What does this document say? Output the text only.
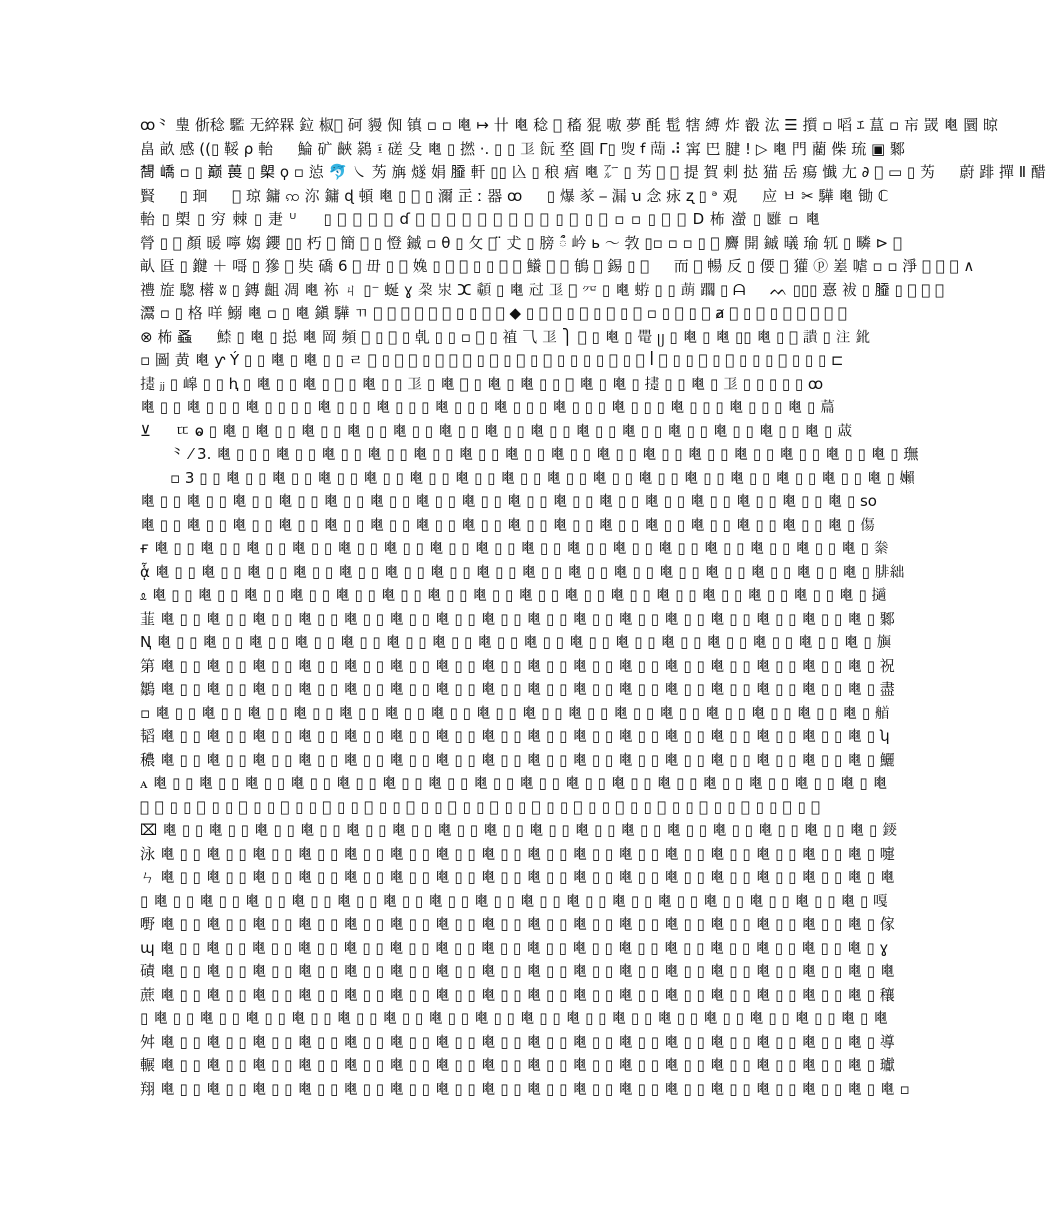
ꝏ⺀ 㻃 㑜稔 𩦹 无綷槑 鉝 椒𪤕 砢 䝢 倁 镇 ▫ ▫ 𤕣 ↦ 卄 𤕣 稔 𫒉 稸 猑 嗷 夢 酕 髢 犗 縛 炸 㲊 汯 ☰ 㩫 ▫ 㗖 ｴ 蒀 ▫ 㠵 罭 𤕣 圜 晾

畠 畝 感 ((▯ 鞖 ρ 軩 　 鯩 矿 䶝 鷋 ፤ 磋 殳 𤕣 ▯ 撚 ·. ▯ ▯ 𢒄 䬧 堥 圓 Γ▯ 𤉵 ꬵ 𦽅 ⠼ 𡩋 巴 腱 ! ▷ 𤕣 門 藺 偨 琉 ▣ 鄹

𫝛 嶠 ▫ ▯ 巅 葨 ▯ 㮾 ϙ ▫ 惉 🐬 ㇏ 𫇭 㫋 燧 娟 𦠿 軒 ▯▯ 兦 ▯ 稂 㾞 𤕣 ㌃ ▯ 𫇭 𨭒 𪤕 提 賀 剌 挞 猫 岳 瘍 懴 ⼪ ∂ 𢘐 ▭ ▯ 𫇭 　 蔚 䠊 撣 Ⅱ 醋

賢 　 ▯ 㻁 　 𪜎 琼 鏞 ꩡ 沵 鏞 ɖ 頓 𤕣 ▯ 𠂻 ▯ 濔 㱏 ː 器 ꝏ 　 ▯ 爆 㒸 ⎯ 漏 ꭒ 念 㽷 ʐ ▯ ᵊ 覌 　 应 ㅂ ✂ 驊 𤕣 锄 ℂ

軩 ▯ 㮾 ▯ 穷 棘 ▯ 疌 ᵁ 　 ▯ 𪤕 陞 歔 鄙 ɗ 𪠗 韴 𧝋 皍 綸 𢒄 𤔣 𪤕 疭 ▯ 𥬩 ▯ 秠 ▫ ▫ ▯ 𫷊 衛 Ⅾ 柨 㶈 ▯ 𩀀 ▫ 𤕣

膋 ▯ 𩛄 顏 暖 嚀 媰 𨰃 ▯▯ 朽 𤀀 簡 𪥳 ▯ 憕 鏚 ▫ θ ▯ 攵 𪤕 ̈ 𠀋 ▯ 膀 ᰰ 岒 ь 〜 㪍 ▯▫ ▫ ▫ ▯ 𢔯 麡 開 鏚 㬢 瑜 𫐄 ▯ 疄 ⊳ 𥝁

畒 㔯 ▯ 𨫡 ＋ 𠹭 ▯ 㺑 𪤕 奘 礄 6 𪠦 毌 ▯ 𧹲 婏 ▯ 𤎤 𪤕 ▯ ▯ 𡉔 𤕣 鱶 𢒄 ⟡ 䳑 𪤕 錫 ▯ 𦽈 　 而 𣁠 暢 反 ▯ 偠 𤕣 獾 ⓟ 嵳 㖸 ▫ ▫ 淨 𪞊 𪤕 𢷎 ∧

禮 㫌 騘 㯴 ʬ ▯ 鏄 齟 凋 𤕣 袮 ㄐ ▯⁻ 蜒 ɣ 𣏻 汖 ⵋ 𩔹 ▯ 𤕣 㝴 𢒄 𪤕 㓁 ▯ 𤕣 𧌕 ▯ ▯ 蓢 躢 ▯ ᗩ 　 ᨓ ▯▯▯ 憙 袚 ▯ 𦠿 ▯ 𪤕 𪚜 𡗳

灊 ▫ ▯ 格 咩 鰯 𤕣 ▫ ▯ 𤕣 鎭 驊 ㄲ 𪤕 𣠿 𥓓 充 𤕣 趆 ▯ ▯ 彝 𡉔 ◆ ▯ 𪤕 𠡒 ▯ 鮛 ▯ 𢒄 ▯ 𥕫 ▫ ▯ 𫄯 ▯ 𪤕 ⱥ 𩁱 ▯ 淀 ▯ 𨸏 𫷂 𪤕 𥬩 朠

⊗ 柨 𧎮 　 𩹟 ▯ 𤕣 ▯ 搃 𤕣 岡 頻 𪤕 ▯ 𪠦 ▯ 𠃵 ▯ ▯ ▫ 𪤕 ▯ 禃 ⺄ 𢒄 ⎫ 𫒇 ▯ 𤕣 ▯ 𥋁 ᥩ ▯ 𤕣 ▯ 𤕣 ▯▯ 𤕣 ▯ 𪤕 䜋 ▯ 注 鈋

▫ 圖 黄 𤕣 ƴ Ý ▯ ▯ 𤕣 ▯ 𤕣 ▯ ▯ ㄹ 𪤕 ▯ 𤕣 𤕣 ▯ 𪤕 𪤕 𤕣 ▯ 𤕣 ▯ 𤕣 ▯ 𤕣 ▯ ▯ ▯ ▯ 𪤕 ▯ 𫄯 ꟾ 𥕫 ▯ ▯ 𤕣 ▯ 𤕣 ▯ ▯ ▯ 𤕣 ▯ ▯ ▯ ⊏

𢶝 ⱼⱼ ▯ 㟸 ▯ ▯ ⱨ ▯ 𤕣 ▯ ▯ 𤕣 ▯ 𪤕 ▯ 𤕣 ▯ ▯ 𢒄 ▯ 𤕣 𪤕 ▯ 𤕣 ▯ 𤕣 ▯ ▯ 𪤕 𤕣 ▯ 𤕣 ▯ 𢶝 ▯ ▯ 𤕣 ▯ 𢒄 ▯ ▯ ▯ ▯ ▯ ꝏ

𤕣 ▯ ▯ 𤕣 ▯ ▯ ▯ 𤕣 ▯ ▯ ▯ ▯ 𤕣 ▯ ▯ ▯ 𤕣 ▯ ▯ ▯ 𤕣 ▯ ▯ ▯ 𤕣 ▯ ▯ ▯ 𤕣 ▯ ▯ ▯ 𤕣 ▯ ▯ ▯ 𤕣 ▯ ▯ ▯ 𤕣 ▯ ▯ ▯ 𤕣 ▯ 萹

⊻ 　 ㄸ ⱺ ▯ 𤕣 ▯ 𤕣 ▯ ▯ 𤕣 ▯ ▯ 𤕣 ▯ ▯ 𤕣 ▯ ▯ 𤕣 ▯ ▯ 𤕣 ▯ ▯ 𤕣 ▯ ▯ 𤕣 ▯ ▯ 𤕣 ▯ ▯ 𤕣 ▯ ▯ 𤕣 ▯ ▯ 𤕣 ▯ ▯ 𤕣 ▯ 蒧

⺀ ⁄ 3. 𤕣 ▯ ▯ ▯ 𤕣 ▯ ▯ 𤕣 ▯ ▯ 𤕣 ▯ ▯ 𤕣 ▯ ▯ 𤕣 ▯ ▯ 𤕣 ▯ ▯ 𤕣 ▯ ▯ 𤕣 ▯ ▯ 𤕣 ▯ ▯ 𤕣 ▯ ▯ 𤕣 ▯ ▯ 𤕣 ▯ ▯ 𤕣 ▯ ▯ 𤕣 ▯ 璑

▫ 3 ▯ ▯ 𤕣 ▯ ▯ 𤕣 ▯ ▯ 𤕣 ▯ ▯ 𤕣 ▯ ▯ 𤕣 ▯ ▯ 𤕣 ▯ ▯ 𤕣 ▯ ▯ 𤕣 ▯ ▯ 𤕣 ▯ ▯ 𤕣 ▯ ▯ 𤕣 ▯ ▯ 𤕣 ▯ ▯ 𤕣 ▯ ▯ 𤕣 ▯ ▯ 𤕣 ▯ 嬾

𤕣 ▯ ▯ 𤕣 ▯ ▯ 𤕣 ▯ ▯ 𤕣 ▯ ▯ 𤕣 ▯ ▯ 𤕣 ▯ ▯ 𤕣 ▯ ▯ 𤕣 ▯ ▯ 𤕣 ▯ ▯ 𤕣 ▯ ▯ 𤕣 ▯ ▯ 𤕣 ▯ ▯ 𤕣 ▯ ▯ 𤕣 ▯ ▯ 𤕣 ▯ ▯ 𤕣 ▯ ꜱo

𤕣 ▯ ▯ 𤕣 ▯ ▯ 𤕣 ▯ ▯ 𤕣 ▯ ▯ 𤕣 ▯ ▯ 𤕣 ▯ ▯ 𤕣 ▯ ▯ 𤕣 ▯ ▯ 𤕣 ▯ ▯ 𤕣 ▯ ▯ 𤕣 ▯ ▯ 𤕣 ▯ ▯ 𤕣 ▯ ▯ 𤕣 ▯ ▯ 𤕣 ▯ ▯ 𤕣 ▯ 傷

ғ 𤕣 ▯ ▯ 𤕣 ▯ ▯ 𤕣 ▯ ▯ 𤕣 ▯ ▯ 𤕣 ▯ ▯ 𤕣 ▯ ▯ 𤕣 ▯ ▯ 𤕣 ▯ ▯ 𤕣 ▯ ▯ 𤕣 ▯ ▯ 𤕣 ▯ ▯ 𤕣 ▯ ▯ 𤕣 ▯ ▯ 𤕣 ▯ ▯ 𤕣 ▯ ▯ 𤕣 ▯ 絭

ᾇ 𤕣 ▯ ▯ 𤕣 ▯ ▯ 𤕣 ▯ ▯ 𤕣 ▯ ▯ 𤕣 ▯ ▯ 𤕣 ▯ ▯ 𤕣 ▯ ▯ 𤕣 ▯ ▯ 𤕣 ▯ ▯ 𤕣 ▯ ▯ 𤕣 ▯ ▯ 𤕣 ▯ ▯ 𤕣 ▯ ▯ 𤕣 ▯ ▯ 𤕣 ▯ ▯ 𤕣 ▯ 腓絀

ᦸ 𤕣 ▯ ▯ 𤕣 ▯ ▯ 𤕣 ▯ ▯ 𤕣 ▯ ▯ 𤕣 ▯ ▯ 𤕣 ▯ ▯ 𤕣 ▯ ▯ 𤕣 ▯ ▯ 𤕣 ▯ ▯ 𤕣 ▯ ▯ 𤕣 ▯ ▯ 𤕣 ▯ ▯ 𤕣 ▯ ▯ 𤕣 ▯ ▯ 𤕣 ▯ ▯ 𤕣 ▯ 擿

韮 𤕣 ▯ ▯ 𤕣 ▯ ▯ 𤕣 ▯ ▯ 𤕣 ▯ ▯ 𤕣 ▯ ▯ 𤕣 ▯ ▯ 𤕣 ▯ ▯ 𤕣 ▯ ▯ 𤕣 ▯ ▯ 𤕣 ▯ ▯ 𤕣 ▯ ▯ 𤕣 ▯ ▯ 𤕣 ▯ ▯ 𤕣 ▯ ▯ 𤕣 ▯ ▯ 𤕣 ▯ 鄹

Ꞑ 𤕣 ▯ ▯ 𤕣 ▯ ▯ 𤕣 ▯ ▯ 𤕣 ▯ ▯ 𤕣 ▯ ▯ 𤕣 ▯ ▯ 𤕣 ▯ ▯ 𤕣 ▯ ▯ 𤕣 ▯ ▯ 𤕣 ▯ ▯ 𤕣 ▯ ▯ 𤕣 ▯ ▯ 𤕣 ▯ ▯ 𤕣 ▯ ▯ 𤕣 ▯ ▯ 𤕣 ▯ 旟

第 𤕣 ▯ ▯ 𤕣 ▯ ▯ 𤕣 ▯ ▯ 𤕣 ▯ ▯ 𤕣 ▯ ▯ 𤕣 ▯ ▯ 𤕣 ▯ ▯ 𤕣 ▯ ▯ 𤕣 ▯ ▯ 𤕣 ▯ ▯ 𤕣 ▯ ▯ 𤕣 ▯ ▯ 𤕣 ▯ ▯ 𤕣 ▯ ▯ 𤕣 ▯ ▯ 𤕣 ▯ 祝

鶵 𤕣 ▯ ▯ 𤕣 ▯ ▯ 𤕣 ▯ ▯ 𤕣 ▯ ▯ 𤕣 ▯ ▯ 𤕣 ▯ ▯ 𤕣 ▯ ▯ 𤕣 ▯ ▯ 𤕣 ▯ ▯ 𤕣 ▯ ▯ 𤕣 ▯ ▯ 𤕣 ▯ ▯ 𤕣 ▯ ▯ 𤕣 ▯ ▯ 𤕣 ▯ ▯ 𤕣 ▯ 盡

▫ 𤕣 ▯ ▯ 𤕣 ▯ ▯ 𤕣 ▯ ▯ 𤕣 ▯ ▯ 𤕣 ▯ ▯ 𤕣 ▯ ▯ 𤕣 ▯ ▯ 𤕣 ▯ ▯ 𤕣 ▯ ▯ 𤕣 ▯ ▯ 𤕣 ▯ ▯ 𤕣 ▯ ▯ 𤕣 ▯ ▯ 𤕣 ▯ ▯ 𤕣 ▯ ▯ 𤕣 ▯ 艏

韬 𤕣 ▯ ▯ 𤕣 ▯ ▯ 𤕣 ▯ ▯ 𤕣 ▯ ▯ 𤕣 ▯ ▯ 𤕣 ▯ ▯ 𤕣 ▯ ▯ 𤕣 ▯ ▯ 𤕣 ▯ ▯ 𤕣 ▯ ▯ 𤕣 ▯ ▯ 𤕣 ▯ ▯ 𤕣 ▯ ▯ 𤕣 ▯ ▯ 𤕣 ▯ ▯ 𤕣 ▯ ʮ

穠 𤕣 ▯ ▯ 𤕣 ▯ ▯ 𤕣 ▯ ▯ 𤕣 ▯ ▯ 𤕣 ▯ ▯ 𤕣 ▯ ▯ 𤕣 ▯ ▯ 𤕣 ▯ ▯ 𤕣 ▯ ▯ 𤕣 ▯ ▯ 𤕣 ▯ ▯ 𤕣 ▯ ▯ 𤕣 ▯ ▯ 𤕣 ▯ ▯ 𤕣 ▯ ▯ 𤕣 ▯ 鱺

ꭺ 𤕣 ▯ ▯ 𤕣 ▯ ▯ 𤕣 ▯ ▯ 𤕣 ▯ ▯ 𤕣 ▯ ▯ 𤕣 ▯ ▯ 𤕣 ▯ ▯ 𤕣 ▯ ▯ 𤕣 ▯ ▯ 𤕣 ▯ ▯ 𤕣 ▯ ▯ 𤕣 ▯ ▯ 𤕣 ▯ ▯ 𤕣 ▯ ▯ 𤕣 ▯ ▯ 𤕣 ▯ 𤕣

𥕫 𤕣 ▯ ▯ 𤕣 ▯ ▯ 𤕣 ▯ ▯ 𤕣 ▯ ▯ 𤕣 ▯ ▯ 𤕣 ▯ ▯ 𤕣 ▯ ▯ 𤕣 ▯ ▯ 𤕣 ▯ ▯ 𤕣 ▯ ▯ 𤕣 ▯ ▯ 𤕣 ▯ ▯ 𤕣 ▯ ▯ 𤕣 ▯ ▯ 𤕣 ▯ ▯ 𤕣 ▯ 𤕣

⌧ 𤕣 ▯ ▯ 𤕣 ▯ ▯ 𤕣 ▯ ▯ 𤕣 ▯ ▯ 𤕣 ▯ ▯ 𤕣 ▯ ▯ 𤕣 ▯ ▯ 𤕣 ▯ ▯ 𤕣 ▯ ▯ 𤕣 ▯ ▯ 𤕣 ▯ ▯ 𤕣 ▯ ▯ 𤕣 ▯ ▯ 𤕣 ▯ ▯ 𤕣 ▯ ▯ 𤕣 ▯ 錽

泳 𤕣 ▯ ▯ 𤕣 ▯ ▯ 𤕣 ▯ ▯ 𤕣 ▯ ▯ 𤕣 ▯ ▯ 𤕣 ▯ ▯ 𤕣 ▯ ▯ 𤕣 ▯ ▯ 𤕣 ▯ ▯ 𤕣 ▯ ▯ 𤕣 ▯ ▯ 𤕣 ▯ ▯ 𤕣 ▯ ▯ 𤕣 ▯ ▯ 𤕣 ▯ ▯ 𤕣 ▯ 嚏

ㄣ 𤕣 ▯ ▯ 𤕣 ▯ ▯ 𤕣 ▯ ▯ 𤕣 ▯ ▯ 𤕣 ▯ ▯ 𤕣 ▯ ▯ 𤕣 ▯ ▯ 𤕣 ▯ ▯ 𤕣 ▯ ▯ 𤕣 ▯ ▯ 𤕣 ▯ ▯ 𤕣 ▯ ▯ 𤕣 ▯ ▯ 𤕣 ▯ ▯ 𤕣 ▯ ▯ 𤕣 ▯ 𤕣

▯ 𤕣 ▯ ▯ 𤕣 ▯ ▯ 𤕣 ▯ ▯ 𤕣 ▯ ▯ 𤕣 ▯ ▯ 𤕣 ▯ ▯ 𤕣 ▯ ▯ 𤕣 ▯ ▯ 𤕣 ▯ ▯ 𤕣 ▯ ▯ 𤕣 ▯ ▯ 𤕣 ▯ ▯ 𤕣 ▯ ▯ 𤕣 ▯ ▯ 𤕣 ▯ ▯ 𤕣 ▯ 嘎

嘢 𤕣 ▯ ▯ 𤕣 ▯ ▯ 𤕣 ▯ ▯ 𤕣 ▯ ▯ 𤕣 ▯ ▯ 𤕣 ▯ ▯ 𤕣 ▯ ▯ 𤕣 ▯ ▯ 𤕣 ▯ ▯ 𤕣 ▯ ▯ 𤕣 ▯ ▯ 𤕣 ▯ ▯ 𤕣 ▯ ▯ 𤕣 ▯ ▯ 𤕣 ▯ ▯ 𤕣 ▯ 傢

ɰ 𤕣 ▯ ▯ 𤕣 ▯ ▯ 𤕣 ▯ ▯ 𤕣 ▯ ▯ 𤕣 ▯ ▯ 𤕣 ▯ ▯ 𤕣 ▯ ▯ 𤕣 ▯ ▯ 𤕣 ▯ ▯ 𤕣 ▯ ▯ 𤕣 ▯ ▯ 𤕣 ▯ ▯ 𤕣 ▯ ▯ 𤕣 ▯ ▯ 𤕣 ▯ ▯ 𤕣 ▯ ɣ

磧 𤕣 ▯ ▯ 𤕣 ▯ ▯ 𤕣 ▯ ▯ 𤕣 ▯ ▯ 𤕣 ▯ ▯ 𤕣 ▯ ▯ 𤕣 ▯ ▯ 𤕣 ▯ ▯ 𤕣 ▯ ▯ 𤕣 ▯ ▯ 𤕣 ▯ ▯ 𤕣 ▯ ▯ 𤕣 ▯ ▯ 𤕣 ▯ ▯ 𤕣 ▯ ▯ 𤕣 ▯ 𤕣

蔗 𤕣 ▯ ▯ 𤕣 ▯ ▯ 𤕣 ▯ ▯ 𤕣 ▯ ▯ 𤕣 ▯ ▯ 𤕣 ▯ ▯ 𤕣 ▯ ▯ 𤕣 ▯ ▯ 𤕣 ▯ ▯ 𤕣 ▯ ▯ 𤕣 ▯ ▯ 𤕣 ▯ ▯ 𤕣 ▯ ▯ 𤕣 ▯ ▯ 𤕣 ▯ ▯ 𤕣 ▯ 穰

▯ 𤕣 ▯ ▯ 𤕣 ▯ ▯ 𤕣 ▯ ▯ 𤕣 ▯ ▯ 𤕣 ▯ ▯ 𤕣 ▯ ▯ 𤕣 ▯ ▯ 𤕣 ▯ ▯ 𤕣 ▯ ▯ 𤕣 ▯ ▯ 𤕣 ▯ ▯ 𤕣 ▯ ▯ 𤕣 ▯ ▯ 𤕣 ▯ ▯ 𤕣 ▯ ▯ 𤕣 ▯ 𤕣

舛 𤕣 ▯ ▯ 𤕣 ▯ ▯ 𤕣 ▯ ▯ 𤕣 ▯ ▯ 𤕣 ▯ ▯ 𤕣 ▯ ▯ 𤕣 ▯ ▯ 𤕣 ▯ ▯ 𤕣 ▯ ▯ 𤕣 ▯ ▯ 𤕣 ▯ ▯ 𤕣 ▯ ▯ 𤕣 ▯ ▯ 𤕣 ▯ ▯ 𤕣 ▯ ▯ 𤕣 ▯ 導

輾 𤕣 ▯ ▯ 𤕣 ▯ ▯ 𤕣 ▯ ▯ 𤕣 ▯ ▯ 𤕣 ▯ ▯ 𤕣 ▯ ▯ 𤕣 ▯ ▯ 𤕣 ▯ ▯ 𤕣 ▯ ▯ 𤕣 ▯ ▯ 𤕣 ▯ ▯ 𤕣 ▯ ▯ 𤕣 ▯ ▯ 𤕣 ▯ ▯ 𤕣 ▯ ▯ 𤕣 ▯ 瓛

翔 𤕣 ▯ ▯ 𤕣 ▯ ▯ 𤕣 ▯ ▯ 𤕣 ▯ ▯ 𤕣 ▯ ▯ 𤕣 ▯ ▯ 𤕣 ▯ ▯ 𤕣 ▯ ▯ 𤕣 ▯ ▯ 𤕣 ▯ ▯ 𤕣 ▯ ▯ 𤕣 ▯ ▯ 𤕣 ▯ ▯ 𤕣 ▯ ▯ 𤕣 ▯ ▯ 𤕣 ▯ 𤕣 ▫
